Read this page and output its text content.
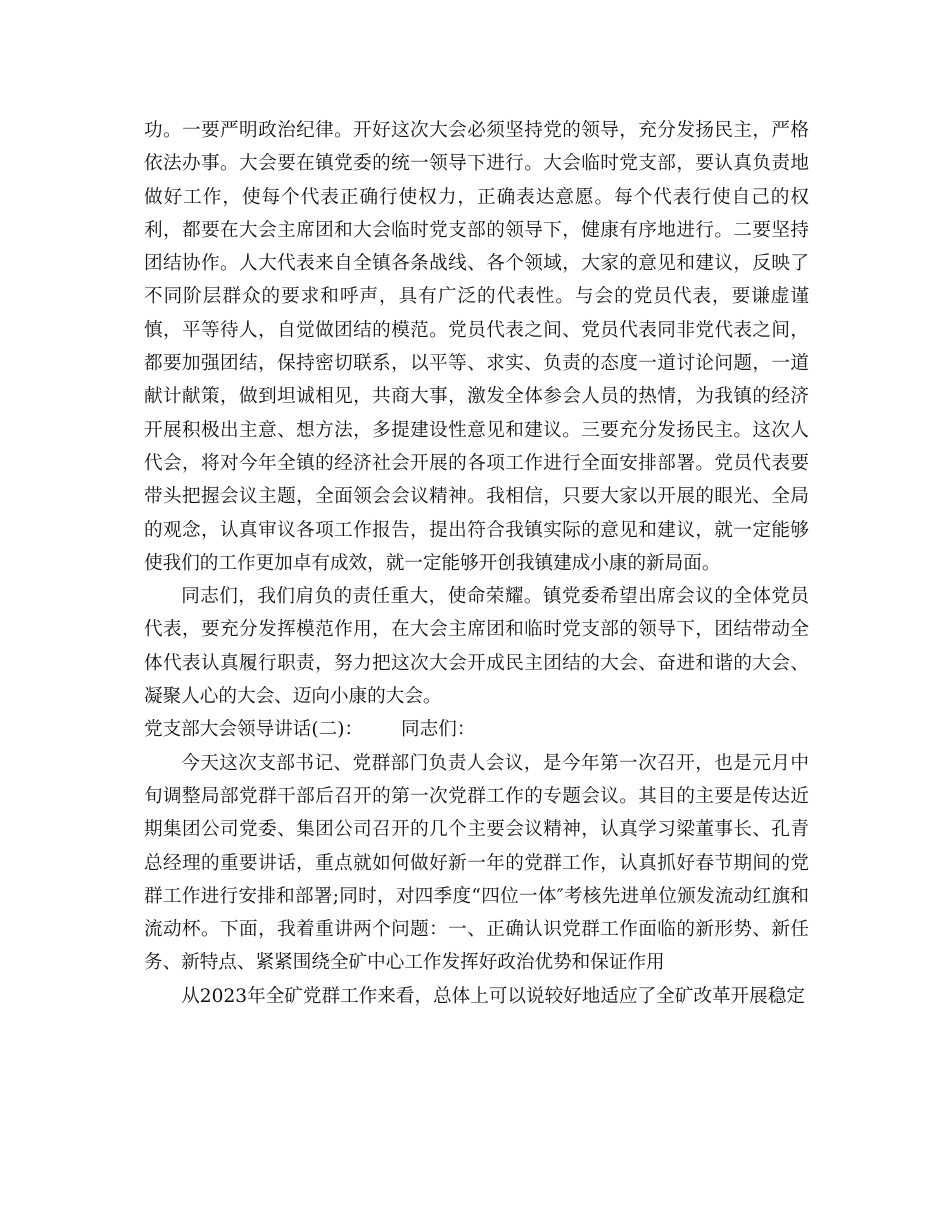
功。一要严明政治纪律。开好这次大会必须坚持党的领导，充分发扬民主，严格依法办事。大会要在镇党委的统一领导下进行。大会临时党支部，要认真负责地做好工作，使每个代表正确行使权力，正确表达意愿。每个代表行使自己的权利，都要在大会主席团和大会临时党支部的领导下，健康有序地进行。二要坚持团结协作。人大代表来自全镇各条战线、各个领域，大家的意见和建议，反映了不同阶层群众的要求和呼声，具有广泛的代表性。与会的党员代表，要谦虚谨慎，平等待人，自觉做团结的模范。党员代表之间、党员代表同非党代表之间，都要加强团结，保持密切联系，以平等、求实、负责的态度一道讨论问题，一道献计献策，做到坦诚相见，共商大事，激发全体参会人员的热情，为我镇的经济开展积极出主意、想方法，多提建设性意见和建议。三要充分发扬民主。这次人代会，将对今年全镇的经济社会开展的各项工作进行全面安排部署。党员代表要带头把握会议主题，全面领会会议精神。我相信，只要大家以开展的眼光、全局的观念，认真审议各项工作报告，提出符合我镇实际的意见和建议，就一定能够使我们的工作更加卓有成效，就一定能够开创我镇建成小康的新局面。

同志们，我们肩负的责任重大，使命荣耀。镇党委希望出席会议的全体党员代表，要充分发挥模范作用，在大会主席团和临时党支部的领导下，团结带动全体代表认真履行职责，努力把这次大会开成民主团结的大会、奋进和谐的大会、凝聚人心的大会、迈向小康的大会。

党支部大会领导讲话(二)： 同志们：

今天这次支部书记、党群部门负责人会议，是今年第一次召开，也是元月中旬调整局部党群干部后召开的第一次党群工作的专题会议。其目的主要是传达近期集团公司党委、集团公司召开的几个主要会议精神，认真学习梁董事长、孔青总经理的重要讲话，重点就如何做好新一年的党群工作，认真抓好春节期间的党群工作进行安排和部署;同时，对四季度“四位一体″考核先进单位颁发流动红旗和流动杯。下面，我着重讲两个问题：一、正确认识党群工作面临的新形势、新任务、新特点、紧紧围绕全矿中心工作发挥好政治优势和保证作用

从2023年全矿党群工作来看，总体上可以说较好地适应了全矿改革开展稳定
